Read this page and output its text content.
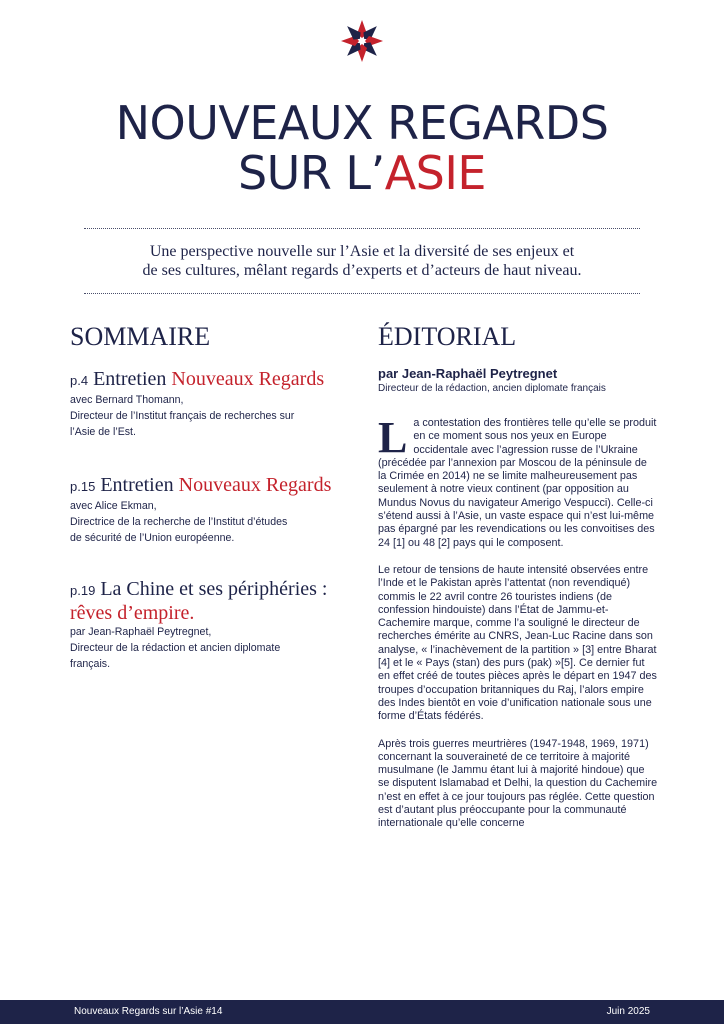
NOUVEAUX REGARDS
SUR L’ASIE
Une perspective nouvelle sur l’Asie et la diversité de ses enjeux et
de ses cultures, mêlant regards d’experts et d’acteurs de haut niveau.
SOMMAIRE
p.4 Entretien Nouveaux Regards
avec Bernard Thomann,
Directeur de l’Institut français de recherches sur
l’Asie de l’Est.
p.15 Entretien Nouveaux Regards
avec Alice Ekman,
Directrice de la recherche de l’Institut d’études
de sécurité de l’Union européenne.
p.19 La Chine et ses périphéries :
rêves d’empire.
par Jean-Raphaël Peytregnet,
Directeur de la rédaction et ancien diplomate
français.
ÉDITORIAL
par Jean-Raphaël Peytregnet
Directeur de la rédaction, ancien diplomate français

La contestation des frontières telle qu’elle se produit en ce moment sous nos yeux en Europe occidentale avec l’agression russe de l’Ukraine (précédée par l’annexion par Moscou de la péninsule de la Crimée en 2014) ne se limite malheureusement pas seulement à notre vieux continent (par opposition au Mundus Novus du navigateur Amerigo Vespucci). Celle-ci s’étend aussi à l’Asie, un vaste espace qui n’est lui-même pas épargné par les revendications ou les convoitises des 24 [1] ou 48 [2] pays qui le composent.

Le retour de tensions de haute intensité observées entre l’Inde et le Pakistan après l’attentat (non revendiqué) commis le 22 avril contre 26 touristes indiens (de confession hindouiste) dans l’État de Jammu-et-Cachemire marque, comme l’a souligné le directeur de recherches émérite au CNRS, Jean-Luc Racine dans son analyse, « l’inachèvement de la partition » [3] entre Bharat [4] et le « Pays (stan) des purs (pak) »[5]. Ce dernier fut en effet créé de toutes pièces après le départ en 1947 des troupes d’occupation britanniques du Raj, l’alors empire des Indes bientôt en voie d’unification nationale sous une forme d’États fédérés.

Après trois guerres meurtrières (1947-1948, 1969, 1971) concernant la souveraineté de ce territoire à majorité musulmane (le Jammu étant lui à majorité hindoue) que se disputent Islamabad et Delhi, la question du Cachemire n’est en effet à ce jour toujours pas réglée. Cette question est d’autant plus préoccupante pour la communauté internationale qu’elle concerne

Nouveaux Regards sur l’Asie #14	Juin 2025
